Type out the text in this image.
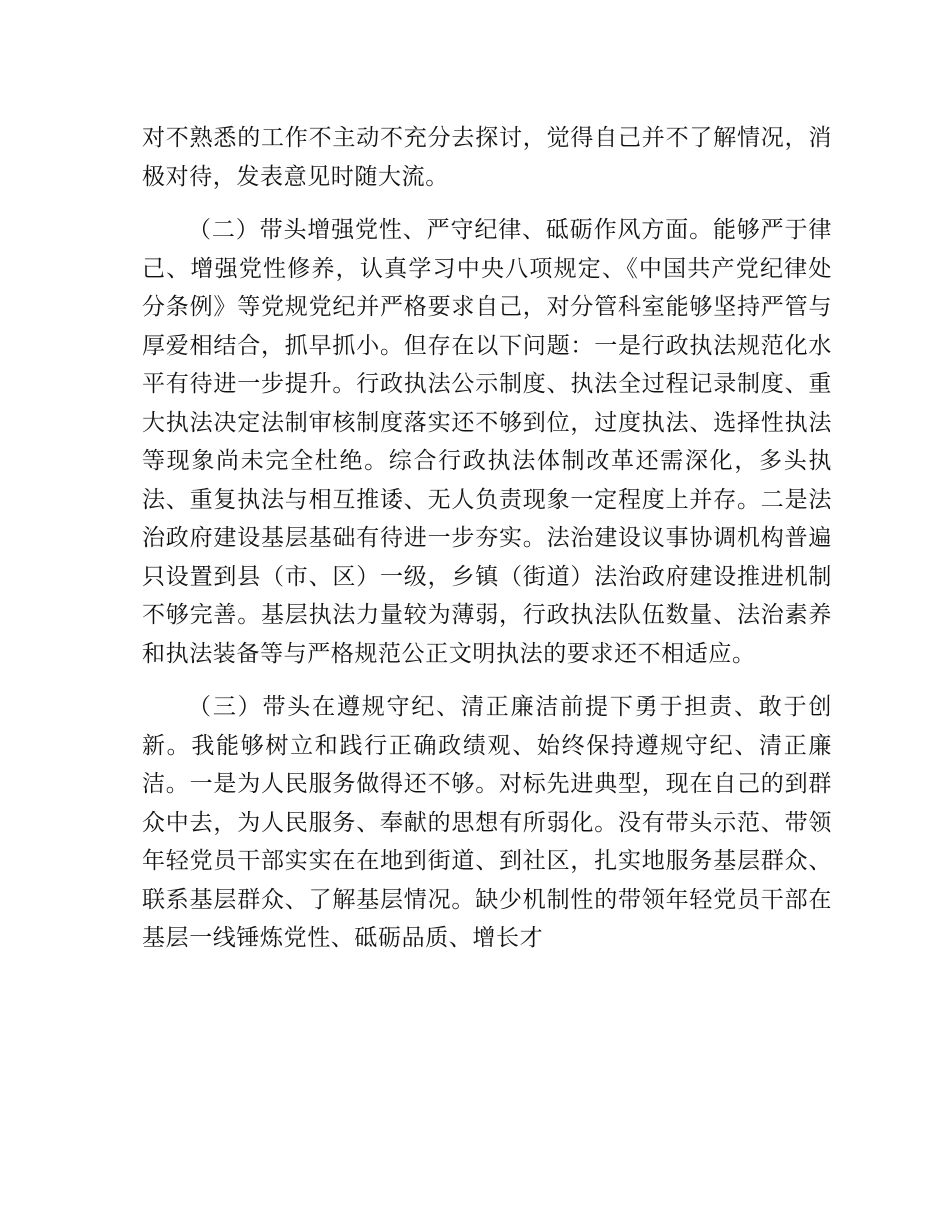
对不熟悉的工作不主动不充分去探讨，觉得自己并不了解情况，消极对待，发表意见时随大流。

（二）带头增强党性、严守纪律、砥砺作风方面。能够严于律己、增强党性修养，认真学习中央八项规定、《中国共产党纪律处分条例》等党规党纪并严格要求自己，对分管科室能够坚持严管与厚爱相结合，抓早抓小。但存在以下问题：一是行政执法规范化水平有待进一步提升。行政执法公示制度、执法全过程记录制度、重大执法决定法制审核制度落实还不够到位，过度执法、选择性执法等现象尚未完全杜绝。综合行政执法体制改革还需深化，多头执法、重复执法与相互推诿、无人负责现象一定程度上并存。二是法治政府建设基层基础有待进一步夯实。法治建设议事协调机构普遍只设置到县（市、区）一级，乡镇（街道）法治政府建设推进机制不够完善。基层执法力量较为薄弱，行政执法队伍数量、法治素养和执法装备等与严格规范公正文明执法的要求还不相适应。

（三）带头在遵规守纪、清正廉洁前提下勇于担责、敢于创新。我能够树立和践行正确政绩观、始终保持遵规守纪、清正廉洁。一是为人民服务做得还不够。对标先进典型，现在自己的到群众中去，为人民服务、奉献的思想有所弱化。没有带头示范、带领年轻党员干部实实在在地到街道、到社区，扎实地服务基层群众、联系基层群众、了解基层情况。缺少机制性的带领年轻党员干部在基层一线锤炼党性、砥砺品质、增长才
